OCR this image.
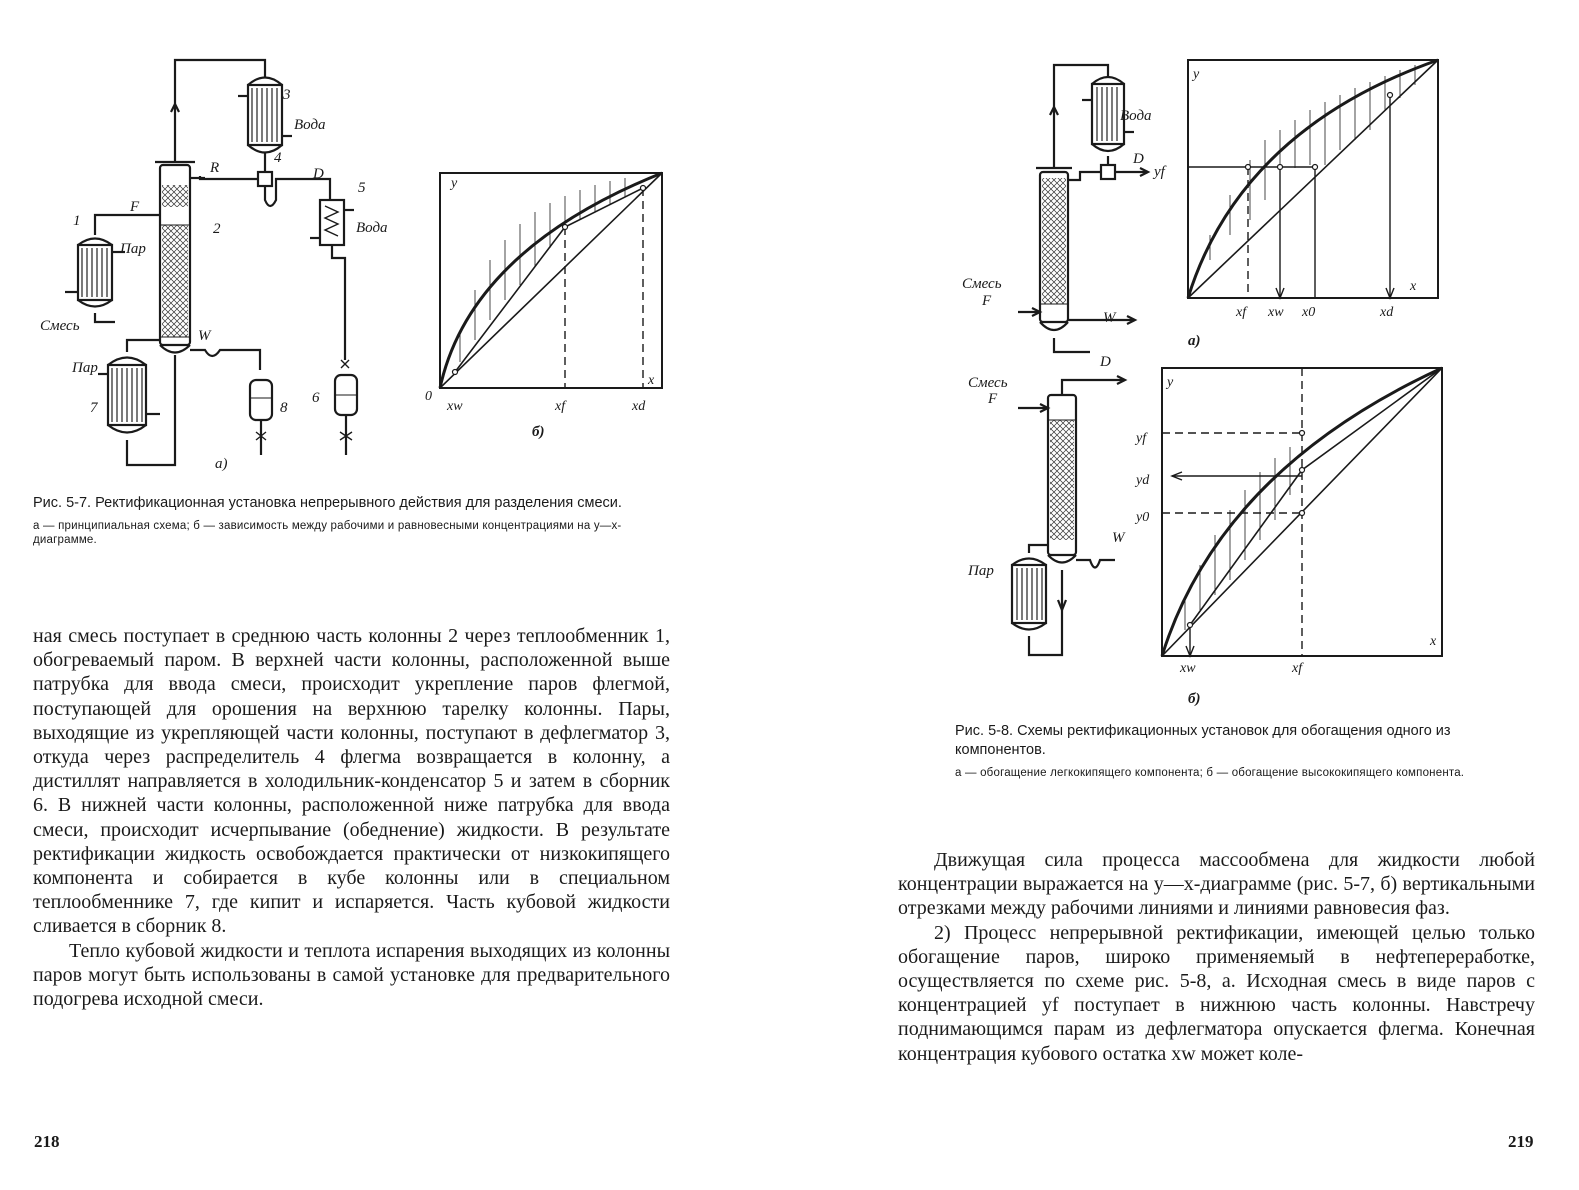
1	2
3
4
5
6
7	8
F
R	D
W
Вода
Вода
Пар
Пар
Смесь
а)
y
x
0
xw	xf	xd
б)
Рис. 5-7. Ректификационная установка непрерывного действия для разделения смеси.
а — принципиальная схема; б — зависимость между рабочими и равновесными концентрациями на y—x-диаграмме.

ная смесь поступает в среднюю часть колонны 2 через теплообменник 1, обогреваемый паром. В верхней части колонны, расположенной выше патрубка для ввода смеси, происходит укрепление паров флегмой, поступающей для орошения на верхнюю тарелку колонны. Пары, выходящие из укрепляющей части колонны, поступают в дефлегматор 3, откуда через распределитель 4 флегма возвращается в колонну, а дистиллят направляется в холодильник-конденсатор 5 и затем в сборник 6. В нижней части колонны, расположенной ниже патрубка для ввода смеси, происходит исчерпывание (обеднение) жидкости. В результате ректификации жидкость освобождается практически от низкокипящего компонента и собирается в кубе колонны или в специальном теплообменнике 7, где кипит и испаряется. Часть кубовой жидкости сливается в сборник 8.

Тепло кубовой жидкости и теплота испарения выходящих из колонны паров могут быть использованы в самой установке для предварительного подогрева исходной смеси.

218
Вода
D
Смесь
F
W
y
x
yf
xf xw x0	xd
а)
Смесь
F
D
W
Пар
y
x
yf
yd
y0
xw	xf
б)
Рис. 5-8. Схемы ректификационных установок для обогащения одного из компонентов.
а — обогащение легкокипящего компонента; б — обогащение высококипящего компонента.

Движущая сила процесса массообмена для жидкости любой концентрации выражается на y—x-диаграмме (рис. 5-7, б) вертикальными отрезками между рабочими линиями и линиями равновесия фаз.

2) Процесс непрерывной ректификации, имеющей целью только обогащение паров, широко применяемый в нефтепереработке, осуществляется по схеме рис. 5-8, а. Исходная смесь в виде паров с концентрацией yf поступает в нижнюю часть колонны. Навстречу поднимающимся парам из дефлегматора опускается флегма. Конечная концентрация кубового остатка xw может коле-

219
